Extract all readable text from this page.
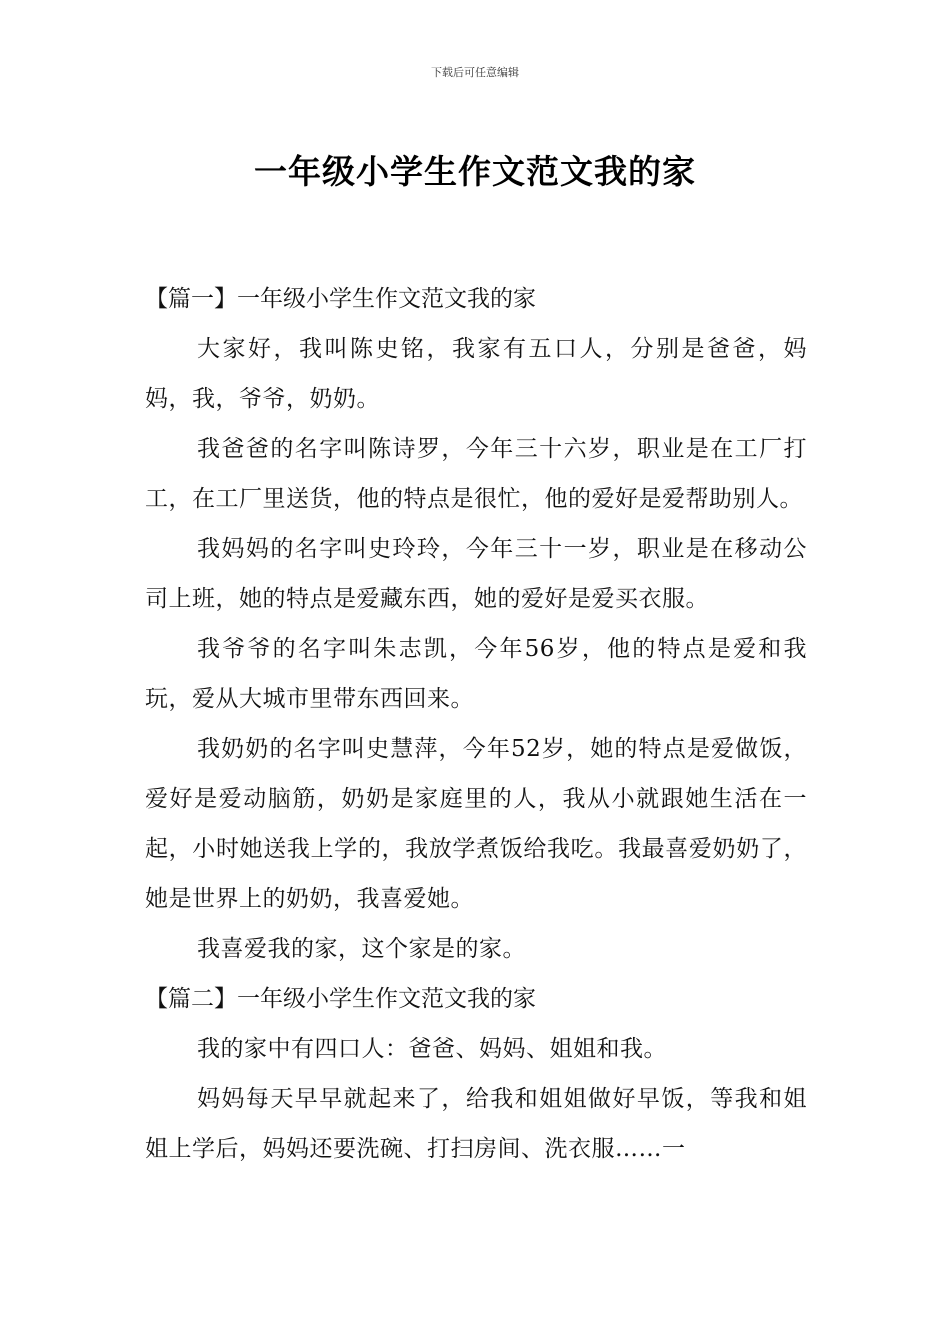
下载后可任意编辑
一年级小学生作文范文我的家

【篇一】一年级小学生作文范文我的家

大家好，我叫陈史铭，我家有五口人，分别是爸爸，妈妈，我，爷爷，奶奶。

我爸爸的名字叫陈诗罗，今年三十六岁，职业是在工厂打工，在工厂里送货，他的特点是很忙，他的爱好是爱帮助别人。

我妈妈的名字叫史玲玲，今年三十一岁，职业是在移动公司上班，她的特点是爱藏东西，她的爱好是爱买衣服。

我爷爷的名字叫朱志凯，今年56岁，他的特点是爱和我玩，爱从大城市里带东西回来。

我奶奶的名字叫史慧萍，今年52岁，她的特点是爱做饭，爱好是爱动脑筋，奶奶是家庭里的人，我从小就跟她生活在一起，小时她送我上学的，我放学煮饭给我吃。我最喜爱奶奶了，她是世界上的奶奶，我喜爱她。

我喜爱我的家，这个家是的家。

【篇二】一年级小学生作文范文我的家

我的家中有四口人：爸爸、妈妈、姐姐和我。

妈妈每天早早就起来了，给我和姐姐做好早饭，等我和姐姐上学后，妈妈还要洗碗、打扫房间、洗衣服……一
